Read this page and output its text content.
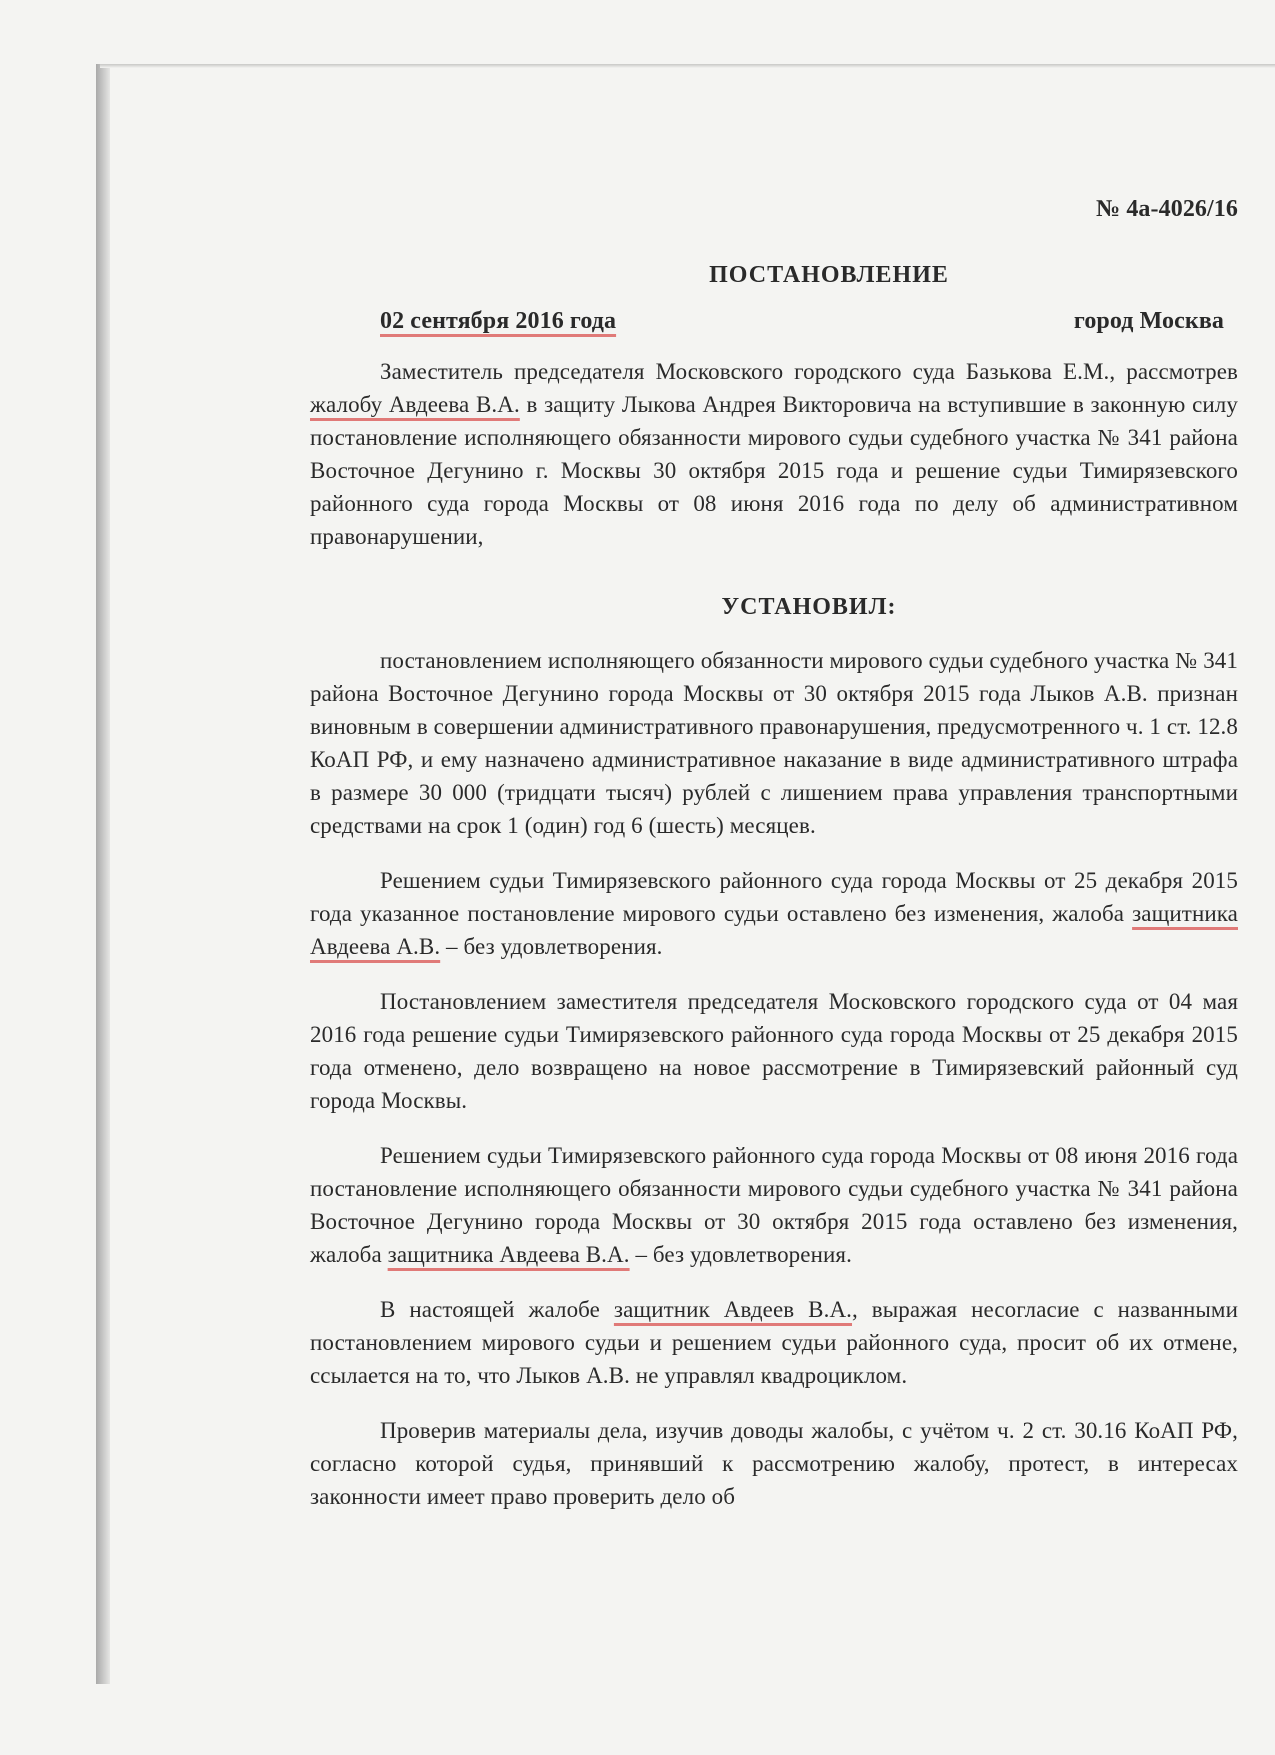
№ 4а-4026/16
ПОСТАНОВЛЕНИЕ
02 сентября 2016 года	город Москва

Заместитель председателя Московского городского суда Базькова Е.М., рассмотрев жалобу Авдеева В.А. в защиту Лыкова Андрея Викторовича на вступившие в законную силу постановление исполняющего обязанности мирового судьи судебного участка № 341 района Восточное Дегунино г. Москвы 30 октября 2015 года и решение судьи Тимирязевского районного суда города Москвы от 08 июня 2016 года по делу об административном правонарушении,

УСТАНОВИЛ:

постановлением исполняющего обязанности мирового судьи судебного участка № 341 района Восточное Дегунино города Москвы от 30 октября 2015 года Лыков А.В. признан виновным в совершении административного правонарушения, предусмотренного ч. 1 ст. 12.8 КоАП РФ, и ему назначено административное наказание в виде административного штрафа в размере 30 000 (тридцати тысяч) рублей с лишением права управления транспортными средствами на срок 1 (один) год 6 (шесть) месяцев.

Решением судьи Тимирязевского районного суда города Москвы от 25 декабря 2015 года указанное постановление мирового судьи оставлено без изменения, жалоба защитника Авдеева А.В. – без удовлетворения.

Постановлением заместителя председателя Московского городского суда от 04 мая 2016 года решение судьи Тимирязевского районного суда города Москвы от 25 декабря 2015 года отменено, дело возвращено на новое рассмотрение в Тимирязевский районный суд города Москвы.

Решением судьи Тимирязевского районного суда города Москвы от 08 июня 2016 года постановление исполняющего обязанности мирового судьи судебного участка № 341 района Восточное Дегунино города Москвы от 30 октября 2015 года оставлено без изменения, жалоба защитника Авдеева В.А. – без удовлетворения.

В настоящей жалобе защитник Авдеев В.А., выражая несогласие с названными постановлением мирового судьи и решением судьи районного суда, просит об их отмене, ссылается на то, что Лыков А.В. не управлял квадроциклом.

Проверив материалы дела, изучив доводы жалобы, с учётом ч. 2 ст. 30.16 КоАП РФ, согласно которой судья, принявший к рассмотрению жалобу, протест, в интересах законности имеет право проверить дело об
